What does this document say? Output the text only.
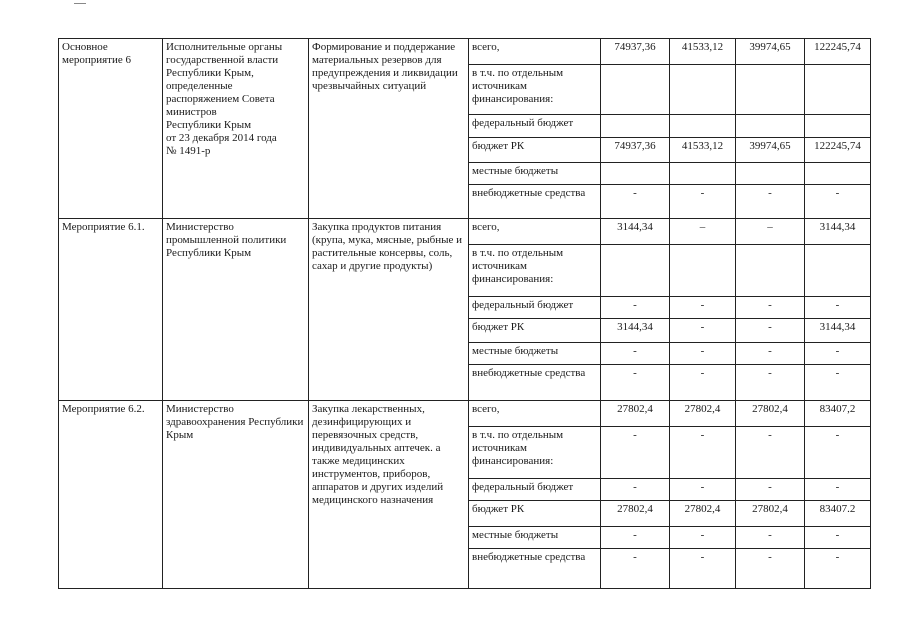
Основное мероприятие 6	Исполнительные органы государственной власти Республики Крым, определенные
распоряжением Совета министров
Республики Крым
от 23 декабря 2014 года
№ 1491-р	Формирование и поддержание материальных резервов для предупреждения и ликвидации чрезвычайных ситуаций	всего,	74937,36	41533,12	39974,65	122245,74
			в т.ч. по отдельным источникам финансирования:				
			федеральный бюджет				
			бюджет РК	74937,36	41533,12	39974,65	122245,74
			местные бюджеты				
			внебюджетные средства	-	-	-	-
Мероприятие 6.1.	Министерство промышленной политики Республики Крым	Закупка продуктов питания (крупа, мука, мясные, рыбные и растительные консервы, соль, сахар и другие продукты)	всего,	3144,34	–	–	3144,34
			в т.ч. по отдельным источникам финансирования:				
			федеральный бюджет	-	-	-	-
			бюджет РК	3144,34	-	-	3144,34
			местные бюджеты	-	-	-	-
			внебюджетные средства	-	-	-	-
Мероприятие 6.2.	Министерство здравоохранения Республики Крым	Закупка лекарственных, дезинфицирующих и перевязочных средств, индивидуальных аптечек. а также медицинских инструментов, приборов, аппаратов и других изделий медицинского назначения	всего,	27802,4	27802,4	27802,4	83407,2
			в т.ч. по отдельным источникам финансирования:	-	-	-	-
			федеральный бюджет	-	-	-	-
			бюджет РК	27802,4	27802,4	27802,4	83407.2
			местные бюджеты	-	-	-	-
			внебюджетные средства	-	-	-	-
